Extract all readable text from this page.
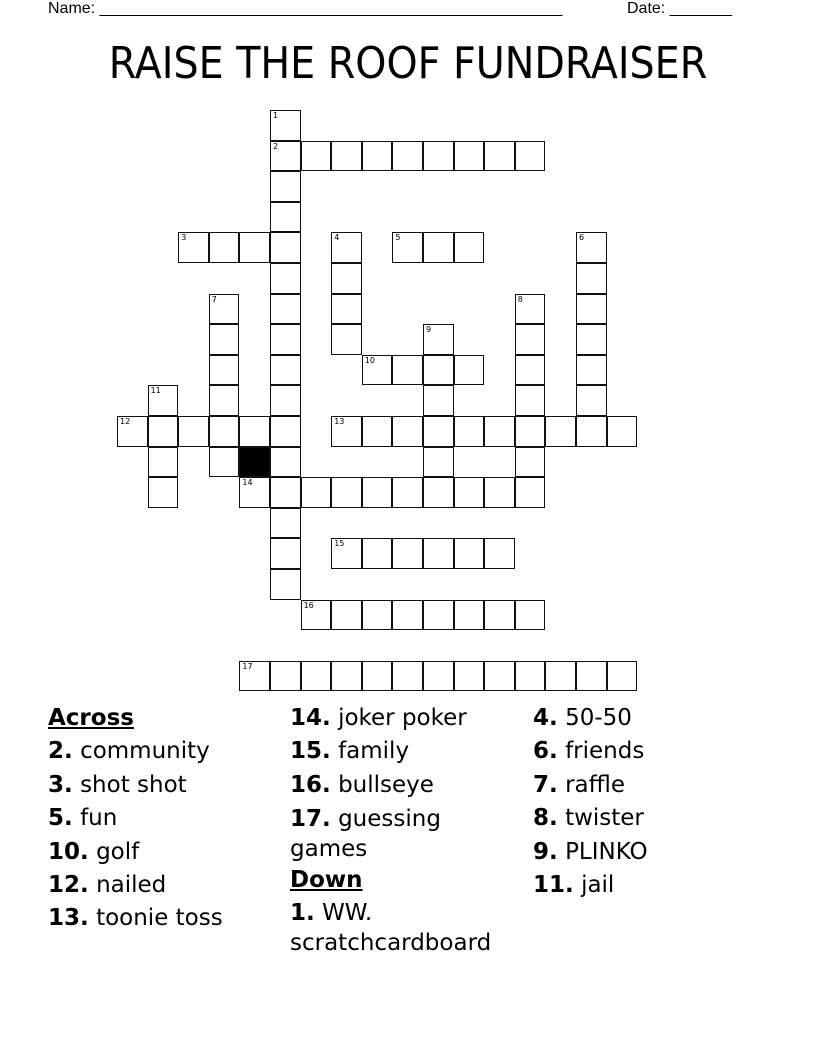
Name: ____________________________________________________	Date: _______
RAISE THE ROOF FUNDRAISER
1
2
3	4	5	6
7	8
9
10
11
12	13
14
15
16
17
Across
2. community
3. shot shot
5. fun
10. golf
12. nailed
13. toonie toss
14. joker poker
15. family
16. bullseye
17. guessing games
Down
1. WW. scratchcardboard
4. 50-50
6. friends
7. raffle
8. twister
9. PLINKO
11. jail
